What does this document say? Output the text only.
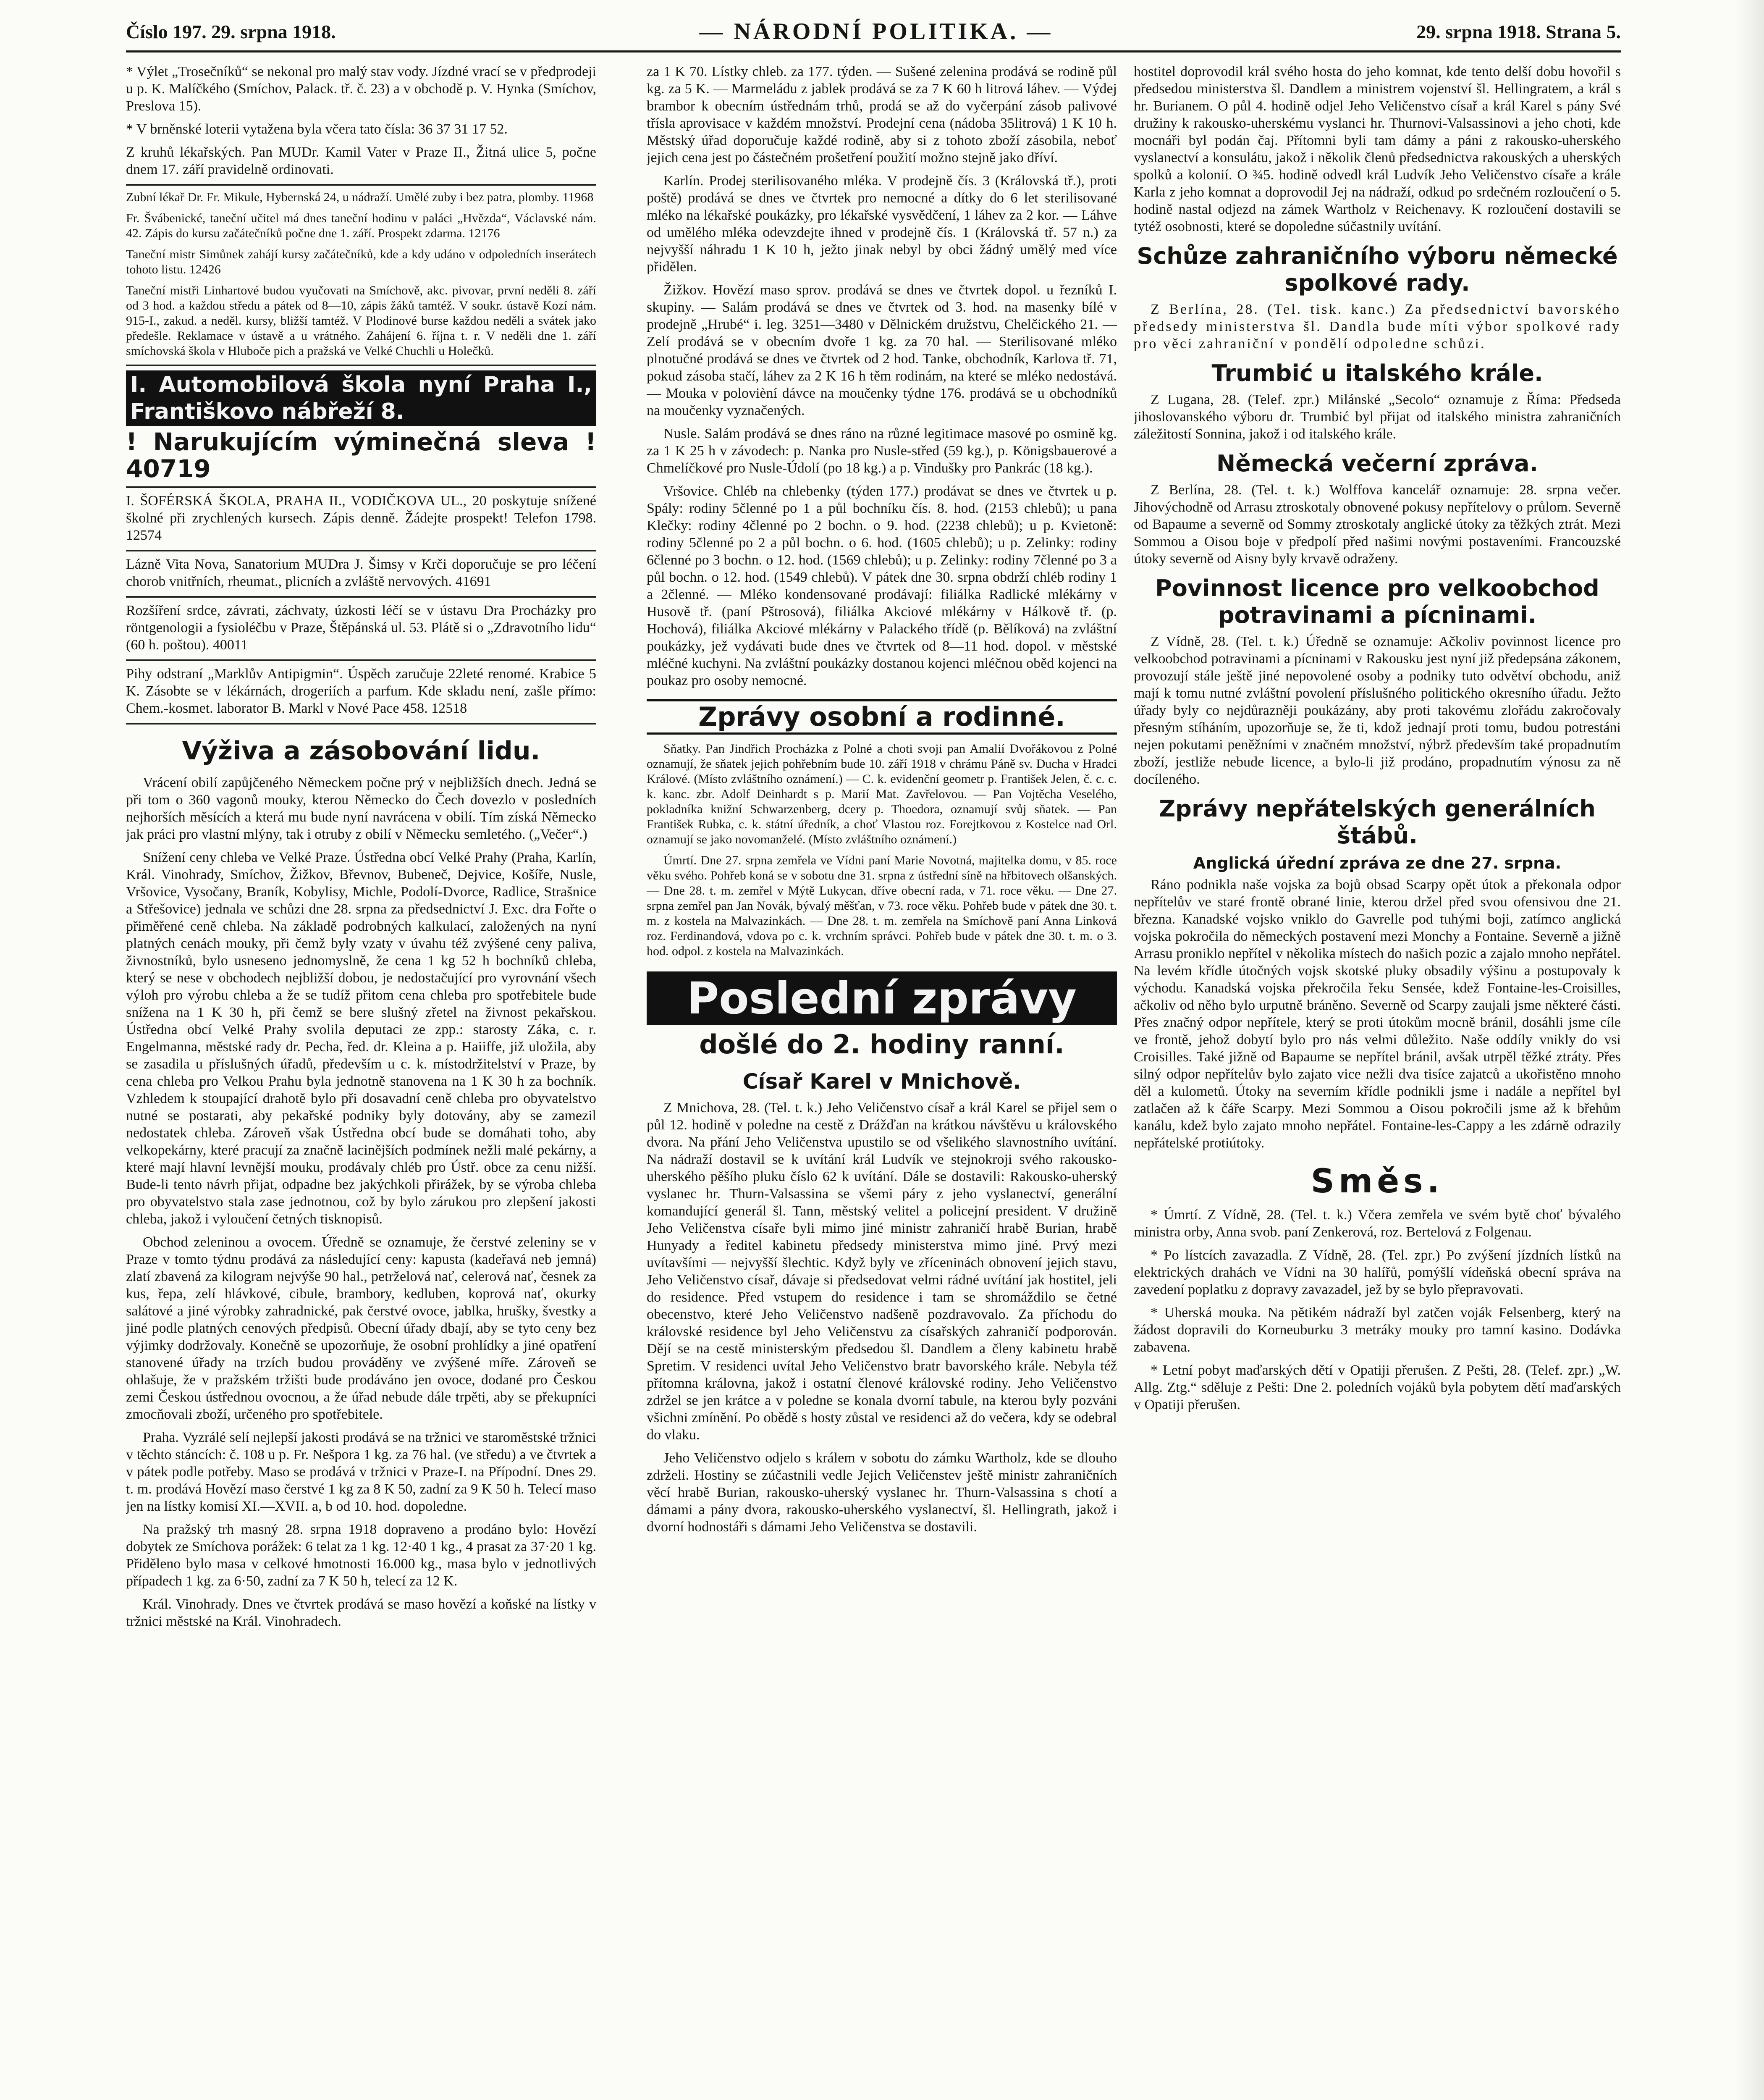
Číslo 197. 29. srpna 1918.	— NÁRODNÍ POLITIKA. —	29. srpna 1918. Strana 5.

* Výlet „Trosečníků“ se nekonal pro malý stav vody. Jízdné vrací se v předprodeji u p. K. Malíčkého (Smíchov, Palack. tř. č. 23) a v obchodě p. V. Hynka (Smíchov, Preslova 15).

* V brněnské loterii vytažena byla včera tato čísla: 36 37 31 17 52.

Z kruhů lékařských. Pan MUDr. Kamil Vater v Praze II., Žitná ulice 5, počne dnem 17. září pravidelně ordinovati.

Zubní lékař Dr. Fr. Mikule, Hybernská 24, u nádraží. Umělé zuby i bez patra, plomby. 11968

Fr. Švábenické, taneční učitel má dnes taneční hodinu v paláci „Hvězda“, Václavské nám. 42. Zápis do kursu začátečníků počne dne 1. září. Prospekt zdarma. 12176

Taneční mistr Simůnek zahájí kursy začátečníků, kde a kdy udáno v odpoledních inserátech tohoto listu. 12426

Taneční mistři Linhartové budou vyučovati na Smíchově, akc. pivovar, první neděli 8. září od 3 hod. a každou středu a pátek od 8—10, zápis žáků tamtéž. V soukr. ústavě Kozí nám. 915-I., zakud. a neděl. kursy, bližší tamtéž. V Plodinové burse každou neděli a svátek jako předešle. Reklamace v ústavě a u vrátného. Zahájení 6. října t. r. V neděli dne 1. září smíchovská škola v Hluboče pich a pražská ve Velké Chuchli u Holečků.

I. Automobilová škola nyní Praha I., Františkovo nábřeží 8.
! Narukujícím výminečná sleva ! 40719

I. ŠOFÉRSKÁ ŠKOLA, PRAHA II., VODIČKOVA UL., 20 poskytuje snížené školné při zrychlených kursech. Zápis denně. Žádejte prospekt! Telefon 1798. 12574

Lázně Vita Nova, Sanatorium MUDra J. Šimsy v Krči doporučuje se pro léčení chorob vnitřních, rheumat., plicních a zvláště nervových. 41691

Rozšíření srdce, závrati, záchvaty, úzkosti léčí se v ústavu Dra Procházky pro röntgenologii a fysioléčbu v Praze, Štěpánská ul. 53. Plátě si o „Zdravotního lidu“ (60 h. poštou). 40011

Pihy odstraní „Marklův Antipigmin“. Úspěch zaručuje 22leté renomé. Krabice 5 K. Zásobte se v lékárnách, drogeriích a parfum. Kde skladu není, zašle přímo: Chem.-kosmet. laborator B. Markl v Nové Pace 458. 12518

Výživa a zásobování lidu.

Vrácení obilí zapůjčeného Německem počne prý v nejbližších dnech. Jedná se při tom o 360 vagonů mouky, kterou Německo do Čech dovezlo v posledních nejhorších měsících a která mu bude nyní navrácena v obilí. Tím získá Německo jak práci pro vlastní mlýny, tak i otruby z obilí v Německu semletého. („Večer“.)

Snížení ceny chleba ve Velké Praze. Ústředna obcí Velké Prahy (Praha, Karlín, Král. Vinohrady, Smíchov, Žižkov, Břevnov, Bubeneč, Dejvice, Košíře, Nusle, Vršovice, Vysočany, Braník, Kobylisy, Michle, Podolí-Dvorce, Radlice, Strašnice a Střešovice) jednala ve schůzi dne 28. srpna za předsednictví J. Exc. dra Fořte o přiměřené ceně chleba. Na základě podrobných kalkulací, založených na nyní platných cenách mouky, při čemž byly vzaty v úvahu též zvýšené ceny paliva, živnostníků, bylo usneseno jednomyslně, že cena 1 kg 52 h bochníků chleba, který se nese v obchodech nejbližší dobou, je nedostačující pro vyrovnání všech výloh pro výrobu chleba a že se tudíž přitom cena chleba pro spotřebitele bude snížena na 1 K 30 h, při čemž se bere slušný zřetel na živnost pekařskou. Ústředna obcí Velké Prahy svolila deputaci ze zpp.: starosty Záka, c. r. Engelmanna, městské rady dr. Pecha, řed. dr. Kleina a p. Haiiffe, již uložila, aby se zasadila u příslušných úřadů, především u c. k. místodržitelství v Praze, by cena chleba pro Velkou Prahu byla jednotně stanovena na 1 K 30 h za bochník. Vzhledem k stoupající drahotě bylo při dosavadní ceně chleba pro obyvatelstvo nutné se postarati, aby pekařské podniky byly dotovány, aby se zamezil nedostatek chleba. Zároveň však Ústředna obcí bude se domáhati toho, aby velkopekárny, které pracují za značně lacinějších podmínek nežli malé pekárny, a které mají hlavní levnější mouku, prodávaly chléb pro Ústř. obce za cenu nižší. Bude-li tento návrh přijat, odpadne bez jakýchkoli přirážek, by se výroba chleba pro obyvatelstvo stala zase jednotnou, což by bylo zárukou pro zlepšení jakosti chleba, jakož i vyloučení četných tisknopisů.

Obchod zeleninou a ovocem. Úředně se oznamuje, že čerstvé zeleniny se v Praze v tomto týdnu prodává za následující ceny: kapusta (kadeřavá neb jemná) zlatí zbavená za kilogram nejvýše 90 hal., petrželová nať, celerová nať, česnek za kus, řepa, zelí hlávkové, cibule, brambory, kedluben, koprová nať, okurky salátové a jiné výrobky zahradnické, pak čerstvé ovoce, jablka, hrušky, švestky a jiné podle platných cenových předpisů. Obecní úřady dbají, aby se tyto ceny bez výjimky dodržovaly. Konečně se upozorňuje, že osobní prohlídky a jiné opatření stanovené úřady na trzích budou prováděny ve zvýšené míře. Zároveň se ohlašuje, že v pražském tržišti bude prodáváno jen ovoce, dodané pro Českou zemi Českou ústřednou ovocnou, a že úřad nebude dále trpěti, aby se překupníci zmocňovali zboží, určeného pro spotřebitele.

Praha. Vyzrálé selí nejlepší jakosti prodává se na tržnici ve staroměstské tržnici v těchto stáncích: č. 108 u p. Fr. Nešpora 1 kg. za 76 hal. (ve středu) a ve čtvrtek a v pátek podle potřeby. Maso se prodává v tržnici v Praze-I. na Přípodní. Dnes 29. t. m. prodává Hovězí maso čerstvé 1 kg za 8 K 50, zadní za 9 K 50 h. Telecí maso jen na lístky komisí XI.—XVII. a, b od 10. hod. dopoledne.

Na pražský trh masný 28. srpna 1918 dopraveno a prodáno bylo: Hovězí dobytek ze Smíchova porážek: 6 telat za 1 kg. 12·40 1 kg., 4 prasat za 37·20 1 kg. Přiděleno bylo masa v celkové hmotnosti 16.000 kg., masa bylo v jednotlivých případech 1 kg. za 6·50, zadní za 7 K 50 h, telecí za 12 K.

Král. Vinohrady. Dnes ve čtvrtek prodává se maso hovězí a koňské na lístky v tržnici městské na Král. Vinohradech.

za 1 K 70. Lístky chleb. za 177. týden. — Sušené zelenina prodává se rodině půl kg. za 5 K. — Marmeládu z jablek prodává se za 7 K 60 h litrová láhev. — Výdej brambor k obecním ústřednám trhů, prodá se až do vyčerpání zásob palivové třísla aprovisace v každém množství. Prodejní cena (nádoba 35litrová) 1 K 10 h. Městský úřad doporučuje každé rodině, aby si z tohoto zboží zásobila, neboť jejich cena jest po částečném prošetření použití možno stejně jako dříví.

Karlín. Prodej sterilisovaného mléka. V prodejně čís. 3 (Královská tř.), proti poště) prodává se dnes ve čtvrtek pro nemocné a dítky do 6 let sterilisované mléko na lékařské poukázky, pro lékařské vysvědčení, 1 láhev za 2 kor. — Láhve od umělého mléka odevzdejte ihned v prodejně čís. 1 (Královská tř. 57 n.) za nejvyšší náhradu 1 K 10 h, ježto jinak nebyl by obci žádný umělý med více přidělen.

Žižkov. Hovězí maso sprov. prodává se dnes ve čtvrtek dopol. u řezníků I. skupiny. — Salám prodává se dnes ve čtvrtek od 3. hod. na masenky bílé v prodejně „Hrubé“ i. leg. 3251—3480 v Dělnickém družstvu, Chelčického 21. — Zelí prodává se v obecním dvoře 1 kg. za 70 hal. — Sterilisované mléko plnotučné prodává se dnes ve čtvrtek od 2 hod. Tanke, obchodník, Karlova tř. 71, pokud zásoba stačí, láhev za 2 K 16 h těm rodinám, na které se mléko nedostává. — Mouka v polovièní dávce na moučenky týdne 176. prodává se u obchodníků na moučenky vyznačených.

Nusle. Salám prodává se dnes ráno na různé legitimace masové po osmině kg. za 1 K 25 h v závodech: p. Nanka pro Nusle-střed (59 kg.), p. Königsbauerové a Chmelíčkové pro Nusle-Údolí (po 18 kg.) a p. Vindušky pro Pankrác (18 kg.).

Vršovice. Chléb na chlebenky (týden 177.) prodávat se dnes ve čtvrtek u p. Spály: rodiny 5členné po 1 a půl bochníku čís. 8. hod. (2153 chlebů); u pana Klečky: rodiny 4členné po 2 bochn. o 9. hod. (2238 chlebů); u p. Kvietoně: rodiny 5členné po 2 a půl bochn. o 6. hod. (1605 chlebů); u p. Zelinky: rodiny 6členné po 3 bochn. o 12. hod. (1569 chlebů); u p. Zelinky: rodiny 7členné po 3 a půl bochn. o 12. hod. (1549 chlebů). V pátek dne 30. srpna obdrží chléb rodiny 1 a 2členné. — Mléko kondensované prodávají: filiálka Radlické mlékárny v Husově tř. (paní Pštrosová), filiálka Akciové mlékárny v Hálkově tř. (p. Hochová), filiálka Akciové mlékárny v Palackého třídě (p. Bělíková) na zvláštní poukázky, jež vydávati bude dnes ve čtvrtek od 8—11 hod. dopol. v městské mléčné kuchyni. Na zvláštní poukázky dostanou kojenci mléčnou oběd kojenci na poukaz pro osoby nemocné.

Zprávy osobní a rodinné.

Sňatky. Pan Jindřich Procházka z Polné a choti svoji pan Amalií Dvořákovou z Polné oznamují, že sňatek jejich pohřebním bude 10. září 1918 v chrámu Páně sv. Ducha v Hradci Králové. (Místo zvláštního oznámení.) — C. k. evidenční geometr p. František Jelen, č. c. c. k. kanc. zbr. Adolf Deinhardt s p. Marií Mat. Zavřelovou. — Pan Vojtěcha Veselého, pokladníka knižní Schwarzenberg, dcery p. Thoedora, oznamují svůj sňatek. — Pan František Rubka, c. k. státní úředník, a choť Vlastou roz. Forejtkovou z Kostelce nad Orl. oznamují se jako novomanželé. (Místo zvláštního oznámení.)

Úmrtí. Dne 27. srpna zemřela ve Vídni paní Marie Novotná, majitelka domu, v 85. roce věku svého. Pohřeb koná se v sobotu dne 31. srpna z ústřední síně na hřbitovech olšanských. — Dne 28. t. m. zemřel v Mýtě Lukycan, dříve obecní rada, v 71. roce věku. — Dne 27. srpna zemřel pan Jan Novák, bývalý měšťan, v 73. roce věku. Pohřeb bude v pátek dne 30. t. m. z kostela na Malvazinkách. — Dne 28. t. m. zemřela na Smíchově paní Anna Linková roz. Ferdinandová, vdova po c. k. vrchním správci. Pohřeb bude v pátek dne 30. t. m. o 3. hod. odpol. z kostela na Malvazinkách.

Poslední zprávy
došlé do 2. hodiny ranní.
Císař Karel v Mnichově.

Z Mnichova, 28. (Tel. t. k.) Jeho Veličenstvo císař a král Karel se přijel sem o půl 12. hodině v poledne na cestě z Drážďan na krátkou návštěvu u královského dvora. Na přání Jeho Veličenstva upustilo se od všelikého slavnostního uvítání. Na nádraží dostavil se k uvítání král Ludvík ve stejnokroji svého rakousko-uherského pěšího pluku číslo 62 k uvítání. Dále se dostavili: Rakousko-uherský vyslanec hr. Thurn-Valsassina se všemi páry z jeho vyslanectví, generální komandující generál šl. Tann, městský velitel a policejní president. V družině Jeho Veličenstva císaře byli mimo jiné ministr zahraničí hrabě Burian, hrabě Hunyady a ředitel kabinetu předsedy ministerstva mimo jiné. Prvý mezi uvítavšími — nejvyšší šlechtic. Když byly ve zříceninách obnovení jejich stavu, Jeho Veličenstvo císař, dávaje si předsedovat velmi rádné uvítání jak hostitel, jeli do residence. Před vstupem do residence i tam se shromáždilo se četné obecenstvo, které Jeho Veličenstvo nadšeně pozdravovalo. Za příchodu do královské residence byl Jeho Veličenstvu za císařských zahraničí podporován. Dějí se na cestě ministerským předsedou šl. Dandlem a členy kabinetu hrabě Spretim. V residenci uvítal Jeho Veličenstvo bratr bavorského krále. Nebyla též přítomna královna, jakož i ostatní členové královské rodiny. Jeho Veličenstvo zdržel se jen krátce a v poledne se konala dvorní tabule, na kterou byly pozváni všichni zmínění. Po obědě s hosty zůstal ve residenci až do večera, kdy se odebral do vlaku.

Jeho Veličenstvo odjelo s králem v sobotu do zámku Wartholz, kde se dlouho zdrželi. Hostiny se zúčastnili vedle Jejich Veličenstev ještě ministr zahraničních věcí hrabě Burian, rakousko-uherský vyslanec hr. Thurn-Valsassina s chotí a dámami a pány dvora, rakousko-uherského vyslanectví, šl. Hellingrath, jakož i dvorní hodnostáři s dámami Jeho Veličenstva se dostavili.

hostitel doprovodil král svého hosta do jeho komnat, kde tento delší dobu hovořil s předsedou ministerstva šl. Dandlem a ministrem vojenství šl. Hellingratem, a král s hr. Burianem. O půl 4. hodině odjel Jeho Veličenstvo císař a král Karel s pány Své družiny k rakousko-uherskému vyslanci hr. Thurnovi-Valsassinovi a jeho choti, kde mocnáři byl podán čaj. Přítomni byli tam dámy a páni z rakousko-uherského vyslanectví a konsulátu, jakož i několik členů předsednictva rakouských a uherských spolků a kolonií. O ¾5. hodině odvedl král Ludvík Jeho Veličenstvo císaře a krále Karla z jeho komnat a doprovodil Jej na nádraží, odkud po srdečném rozloučení o 5. hodině nastal odjezd na zámek Wartholz v Reichenavy. K rozloučení dostavili se tytéž osobnosti, které se dopoledne súčastnily uvítání.

Schůze zahraničního výboru německé spolkové rady.

Z Berlína, 28. (Tel. tisk. kanc.) Za předsednictví bavorského předsedy ministerstva šl. Dandla bude míti výbor spolkové rady pro věci zahraniční v pondělí odpoledne schůzi.

Trumbić u italského krále.

Z Lugana, 28. (Telef. zpr.) Milánské „Secolo“ oznamuje z Říma: Předseda jihoslovanského výboru dr. Trumbić byl přijat od italského ministra zahraničních záležitostí Sonnina, jakož i od italského krále.

Německá večerní zpráva.

Z Berlína, 28. (Tel. t. k.) Wolffova kancelář oznamuje: 28. srpna večer. Jihovýchodně od Arrasu ztroskotaly obnovené pokusy nepřítelovy o průlom. Severně od Bapaume a severně od Sommy ztroskotaly anglické útoky za těžkých ztrát. Mezi Sommou a Oisou boje v předpolí před našimi novými postaveními. Francouzské útoky severně od Aisny byly krvavě odraženy.

Povinnost licence pro velkoobchod potravinami a pícninami.

Z Vídně, 28. (Tel. t. k.) Úředně se oznamuje: Ačkoliv povinnost licence pro velkoobchod potravinami a pícninami v Rakousku jest nyní již předepsána zákonem, provozují stále ještě jiné nepovolené osoby a podniky tuto odvětví obchodu, aniž mají k tomu nutné zvláštní povolení příslušného politického okresního úřadu. Ježto úřady byly co nejdůrazněji poukázány, aby proti takovému zlořádu zakročovaly přesným stíháním, upozorňuje se, že ti, kdož jednají proti tomu, budou potrestáni nejen pokutami peněžními v značném množství, nýbrž především také propadnutím zboží, jestliže nebude licence, a bylo-li již prodáno, propadnutím výnosu za ně docíleného.

Zprávy nepřátelských generálních štábů.
Anglická úřední zpráva ze dne 27. srpna.

Ráno podnikla naše vojska za bojů obsad Scarpy opět útok a překonala odpor nepřítelův ve staré frontě obrané linie, kterou držel před svou ofensivou dne 21. března. Kanadské vojsko vniklo do Gavrelle pod tuhými boji, zatímco anglická vojska pokročila do německých postavení mezi Monchy a Fontaine. Severně a jižně Arrasu proniklo nepřítel v několika místech do našich pozic a zajalo mnoho nepřátel. Na levém křídle útočných vojsk skotské pluky obsadily výšinu a postupovaly k východu. Kanadská vojska překročila řeku Sensée, kdež Fontaine-les-Croisilles, ačkoliv od něho bylo urputně bráněno. Severně od Scarpy zaujali jsme některé části. Přes značný odpor nepřítele, který se proti útokům mocně bránil, dosáhli jsme cíle ve frontě, jehož dobytí bylo pro nás velmi důležito. Naše oddíly vnikly do vsi Croisilles. Také jižně od Bapaume se nepřítel bránil, avšak utrpěl těžké ztráty. Přes silný odpor nepřítelův bylo zajato vice nežli dva tisíce zajatců a ukořistěno mnoho děl a kulometů. Útoky na severním křídle podnikli jsme i nadále a nepřítel byl zatlačen až k čáře Scarpy. Mezi Sommou a Oisou pokročili jsme až k břehům kanálu, kdež bylo zajato mnoho nepřátel. Fontaine-les-Cappy a les zdárně odrazily nepřátelské protiútoky.

Směs.

* Úmrtí. Z Vídně, 28. (Tel. t. k.) Včera zemřela ve svém bytě choť bývalého ministra orby, Anna svob. paní Zenkerová, roz. Bertelová z Folgenau.

* Po lístcích zavazadla. Z Vídně, 28. (Tel. zpr.) Po zvýšení jízdních lístků na elektrických drahách ve Vídni na 30 halířů, pomýšlí vídeňská obecní správa na zavedení poplatku z dopravy zavazadel, jež by se bylo přepravovati.

* Uherská mouka. Na pětikém nádraží byl zatčen voják Felsenberg, který na žádost dopravili do Korneuburku 3 metráky mouky pro tamní kasino. Dodávka zabavena.

* Letní pobyt maďarských dětí v Opatiji přerušen. Z Pešti, 28. (Telef. zpr.) „W. Allg. Ztg.“ sděluje z Pešti: Dne 2. poledních vojáků byla pobytem dětí maďarských v Opatiji přerušen.
